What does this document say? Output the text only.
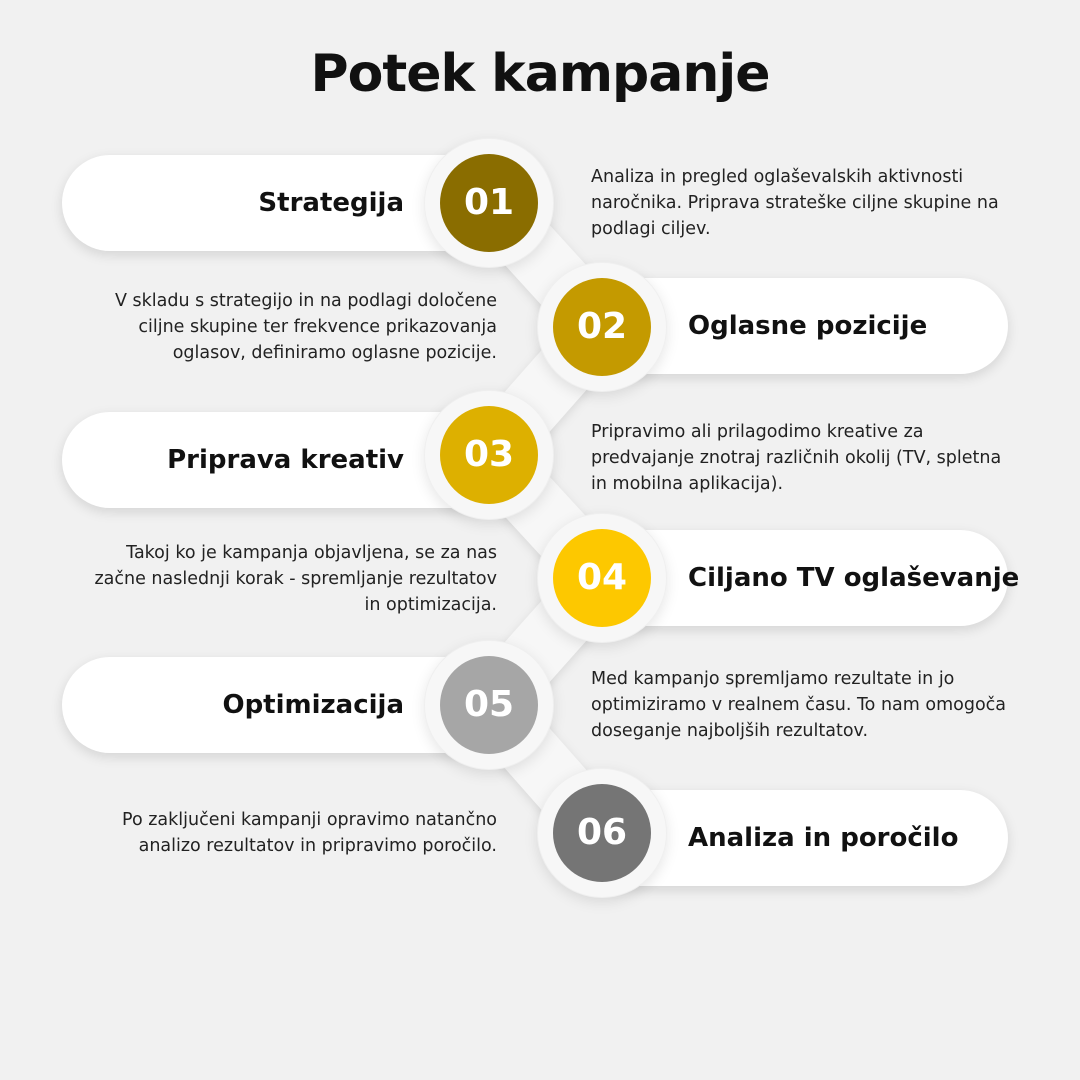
Potek kampanje
Strategija	01
Analiza in pregled oglaševalskih aktivnosti naročnika. Priprava strateške ciljne skupine na podlagi ciljev.
Oglasne pozicije
02
V skladu s strategijo in na podlagi določene ciljne skupine ter frekvence prikazovanja oglasov, definiramo oglasne pozicije.
Priprava kreativ	03
Pripravimo ali prilagodimo kreative za predvajanje znotraj različnih okolij (TV, spletna in mobilna aplikacija).
Ciljano TV oglaševanje
04
Takoj ko je kampanja objavljena, se za nas začne naslednji korak - spremljanje rezultatov in optimizacija.
Optimizacija	05
Med kampanjo spremljamo rezultate in jo optimiziramo v realnem času. To nam omogoča doseganje najboljših rezultatov.
Analiza in poročilo
06
Po zaključeni kampanji opravimo natančno analizo rezultatov in pripravimo poročilo.
